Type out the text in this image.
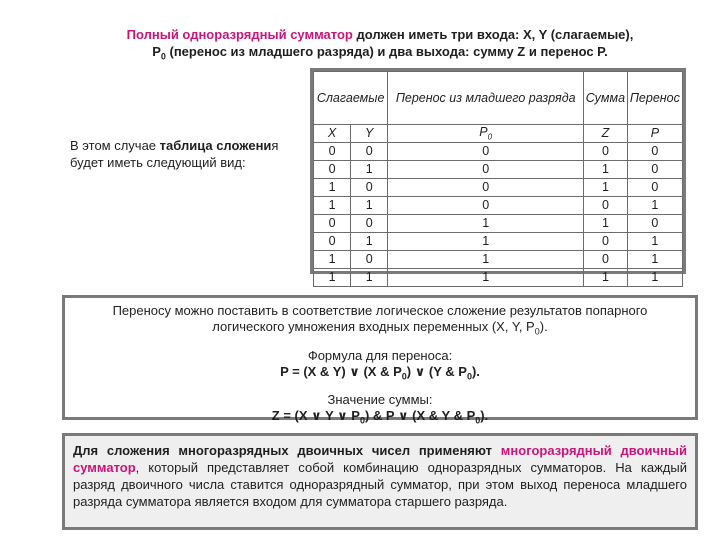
Полный одноразрядный сумматор должен иметь три входа: X, Y (слагаемые),
$P_0$ (перенос из младшего разряда) и два выхода: сумму Z и перенос P.
В этом случае таблица сложения будет иметь следующий вид:
Слагаемые		Перенос из младшего разряда	Сумма	Перенос
X	Y	$P_0$	Z	P
0	0	0	0	0
0	1	0	1	0
1	0	0	1	0
1	1	0	0	1
0	0	1	1	0
0	1	1	0	1
1	0	1	0	1
1	1	1	1	1
Переносу можно поставить в соответствие логическое сложение результатов попарного логического умножения входных переменных (X, Y, $P_0$).
Формула для переноса:
P = (X & Y) ∨ (X & $P_0$) ∨ (Y & $P_0$).
Значение суммы:
Z = (X ∨ Y ∨ $P_0$) & P ∨ (X & Y & $P_0$).
Для сложения многоразрядных двоичных чисел применяют многоразрядный двоичный сумматор, который представляет собой комбинацию одноразрядных сумматоров. На каждый разряд двоичного числа ставится одноразрядный сумматор, при этом выход переноса младшего разряда сумматора является входом для сумматора старшего разряда.
